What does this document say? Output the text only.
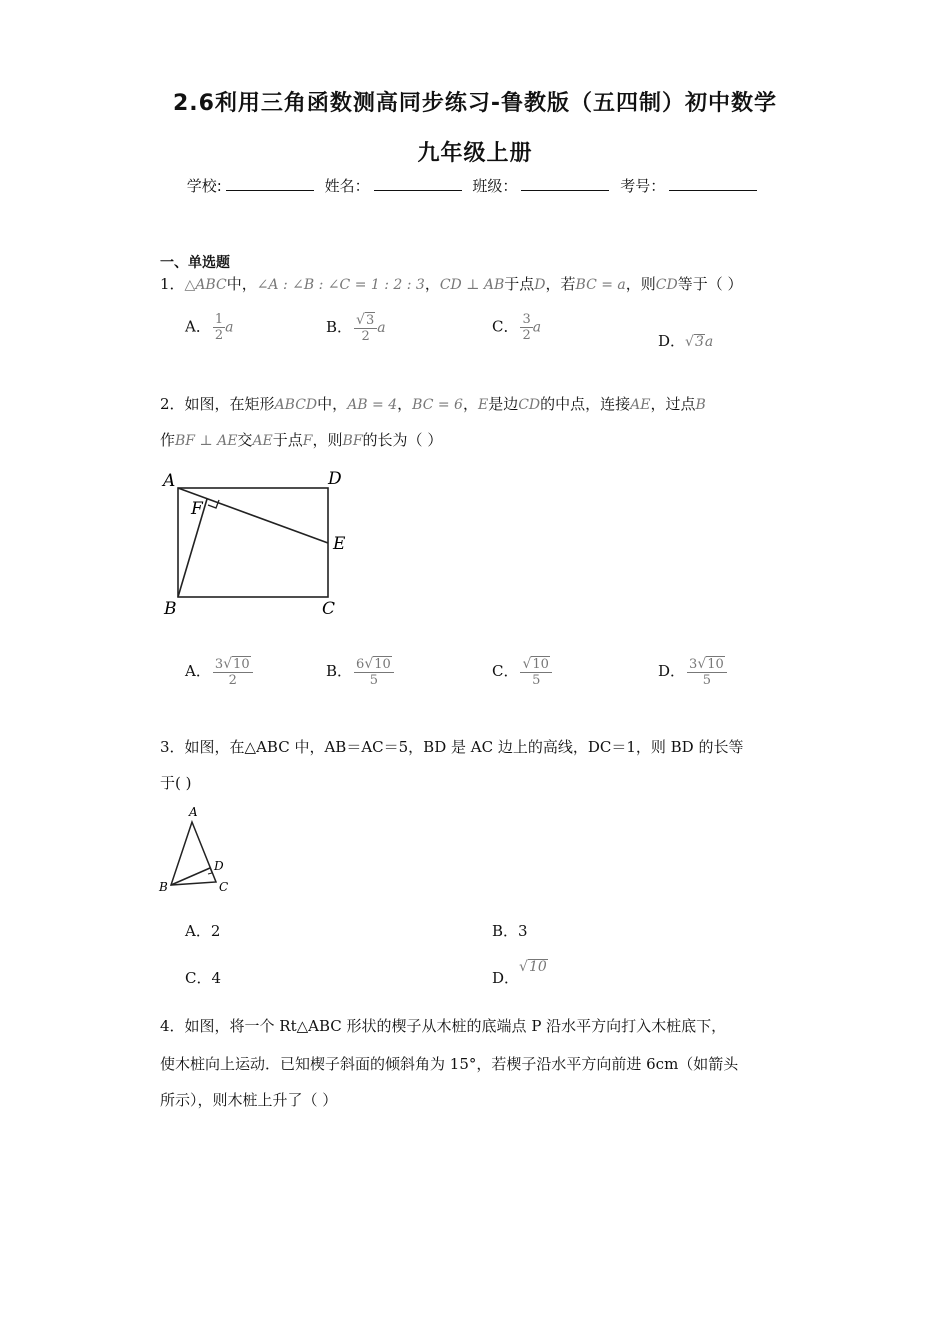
2.6利用三角函数测高同步练习-鲁教版（五四制）初中数学
九年级上册
学校:	姓名：	班级：	考号：
一、单选题
1．△ABC中，∠A : ∠B : ∠C = 1 : 2 : 3，CD ⊥ AB于点D，若BC = a，则CD等于（ ）
A． $\frac{1}{2}$ a	B． $\frac{√3}{2}$ a	C． $\frac{3}{2}$ a
D．√3a
2．如图，在矩形ABCD中，AB = 4，BC = 6，E是边CD的中点，连接AE，过点B
作BF ⊥ AE交AE于点F，则BF的长为（ ）
A	D
F
E
B	C
A． $\frac{3√10}{2}$	B． $\frac{6√10}{5}$	C． $\frac{√10}{5}$	D． $\frac{3√10}{5}$
3．如图，在△ABC 中，AB＝AC＝5，BD 是 AC 边上的高线，DC＝1，则 BD 的长等
于( )
A
D
B	C
A．2	B．3
C．4	D．√10
4．如图，将一个 Rt△ABC 形状的楔子从木桩的底端点 P 沿水平方向打入木桩底下，
使木桩向上运动．已知楔子斜面的倾斜角为 15°，若楔子沿水平方向前进 6cm（如箭头
所示），则木桩上升了（ ）
